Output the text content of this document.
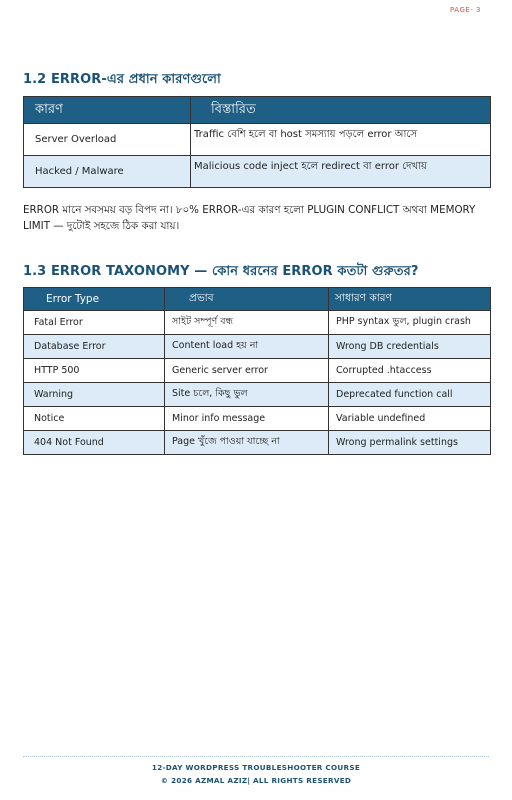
PAGE- 3
1.2 ERROR-এর প্রধান কারণগুলো
কারণ	বিস্তারিত
Server Overload	Traffic বেশি হলে বা host সমস্যায় পড়লে error আসে
Hacked / Malware	Malicious code inject হলে redirect বা error দেখায়
ERROR মানে সবসময় বড় বিপদ না। ৮০% ERROR-এর কারণ হলো PLUGIN CONFLICT অথবা MEMORY LIMIT — দুটোই সহজে ঠিক করা যায়।
1.3 ERROR TAXONOMY — কোন ধরনের ERROR কতটা গুরুতর?
Error Type	প্রভাব	সাধারণ কারণ
Fatal Error	সাইট সম্পূর্ণ বন্ধ	PHP syntax ভুল, plugin crash
Database Error	Content load হয় না	Wrong DB credentials
HTTP 500	Generic server error	Corrupted .htaccess
Warning	Site চলে, কিছু ভুল	Deprecated function call
Notice	Minor info message	Variable undefined
404 Not Found	Page খুঁজে পাওয়া যাচ্ছে না	Wrong permalink settings
12-DAY WORDPRESS TROUBLESHOOTER COURSE
© 2026 AZMAL AZIZ| ALL RIGHTS RESERVED
